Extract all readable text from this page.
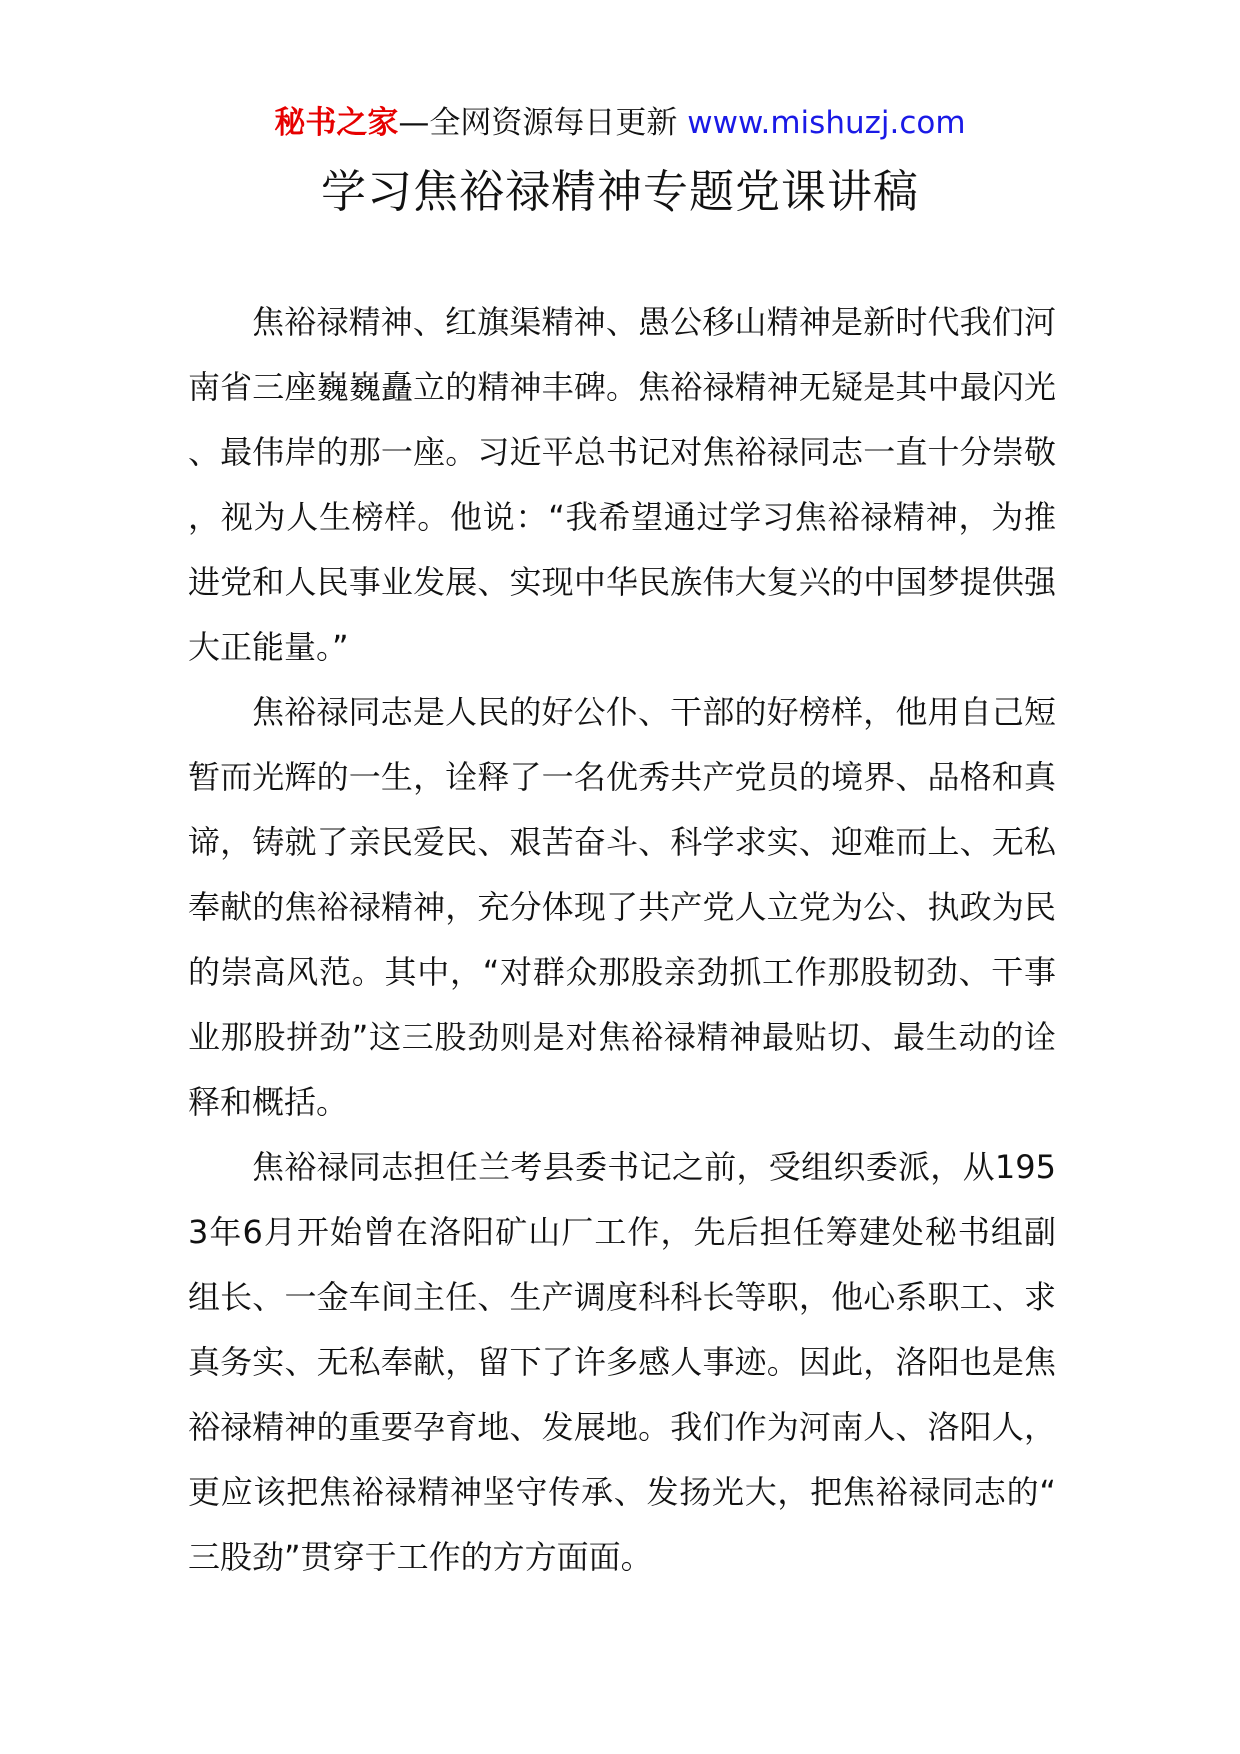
秘书之家—全网资源每日更新 www.mishuzj.com
学习焦裕禄精神专题党课讲稿

焦裕禄精神、红旗渠精神、愚公移山精神是新时代我们河南省三座巍巍矗立的精神丰碑。焦裕禄精神无疑是其中最闪光、最伟岸的那一座。习近平总书记对焦裕禄同志一直十分崇敬，视为人生榜样。他说：“我希望通过学习焦裕禄精神，为推进党和人民事业发展、实现中华民族伟大复兴的中国梦提供强大正能量。”

焦裕禄同志是人民的好公仆、干部的好榜样，他用自己短暂而光辉的一生，诠释了一名优秀共产党员的境界、品格和真谛，铸就了亲民爱民、艰苦奋斗、科学求实、迎难而上、无私奉献的焦裕禄精神，充分体现了共产党人立党为公、执政为民的崇高风范。其中，“对群众那股亲劲抓工作那股韧劲、干事业那股拼劲”这三股劲则是对焦裕禄精神最贴切、最生动的诠释和概括。

焦裕禄同志担任兰考县委书记之前，受组织委派，从1953年6月开始曾在洛阳矿山厂工作，先后担任筹建处秘书组副组长、一金车间主任、生产调度科科长等职，他心系职工、求真务实、无私奉献，留下了许多感人事迹。因此，洛阳也是焦裕禄精神的重要孕育地、发展地。我们作为河南人、洛阳人，更应该把焦裕禄精神坚守传承、发扬光大，把焦裕禄同志的“三股劲”贯穿于工作的方方面面。
